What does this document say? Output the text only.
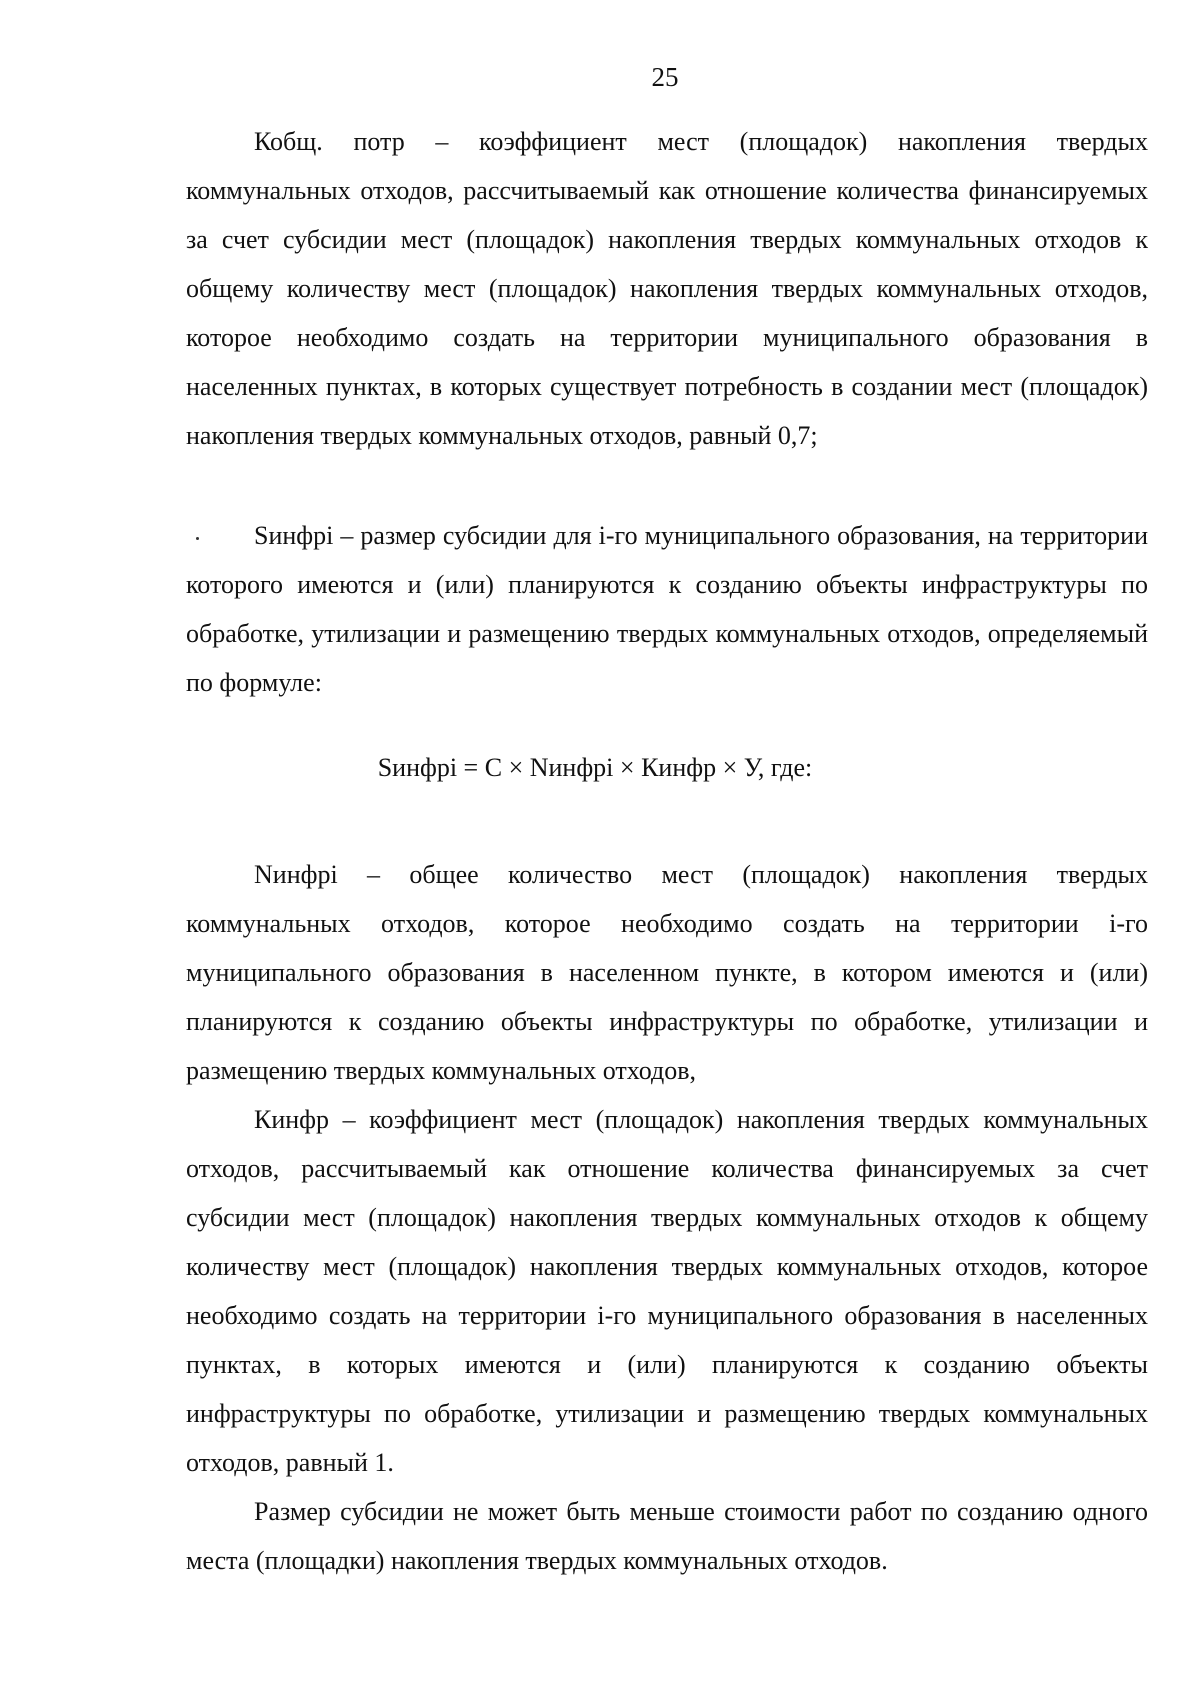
25

Кобщ. потр – коэффициент мест (площадок) накопления твердых коммунальных отходов, рассчитываемый как отношение количества финансируемых за счет субсидии мест (площадок) накопления твердых коммунальных отходов к общему количеству мест (площадок) накопления твердых коммунальных отходов, которое необходимо создать на территории муниципального образования в населенных пунктах, в которых существует потребность в создании мест (площадок) накопления твердых коммунальных отходов, равный 0,7;

Sинфрi – размер субсидии для i-го муниципального образования, на территории которого имеются и (или) планируются к созданию объекты инфраструктуры по обработке, утилизации и размещению твердых коммунальных отходов, определяемый по формуле:

Sинфрi = C × Nинфрi × Кинфр × У, где:

Nинфрi – общее количество мест (площадок) накопления твердых коммунальных отходов, которое необходимо создать на территории i-го муниципального образования в населенном пункте, в котором имеются и (или) планируются к созданию объекты инфраструктуры по обработке, утилизации и размещению твердых коммунальных отходов,

Кинфр – коэффициент мест (площадок) накопления твердых коммунальных отходов, рассчитываемый как отношение количества финансируемых за счет субсидии мест (площадок) накопления твердых коммунальных отходов к общему количеству мест (площадок) накопления твердых коммунальных отходов, которое необходимо создать на территории i-го муниципального образования в населенных пунктах, в которых имеются и (или) планируются к созданию объекты инфраструктуры по обработке, утилизации и размещению твердых коммунальных отходов, равный 1.

Размер субсидии не может быть меньше стоимости работ по созданию одного места (площадки) накопления твердых коммунальных отходов.
